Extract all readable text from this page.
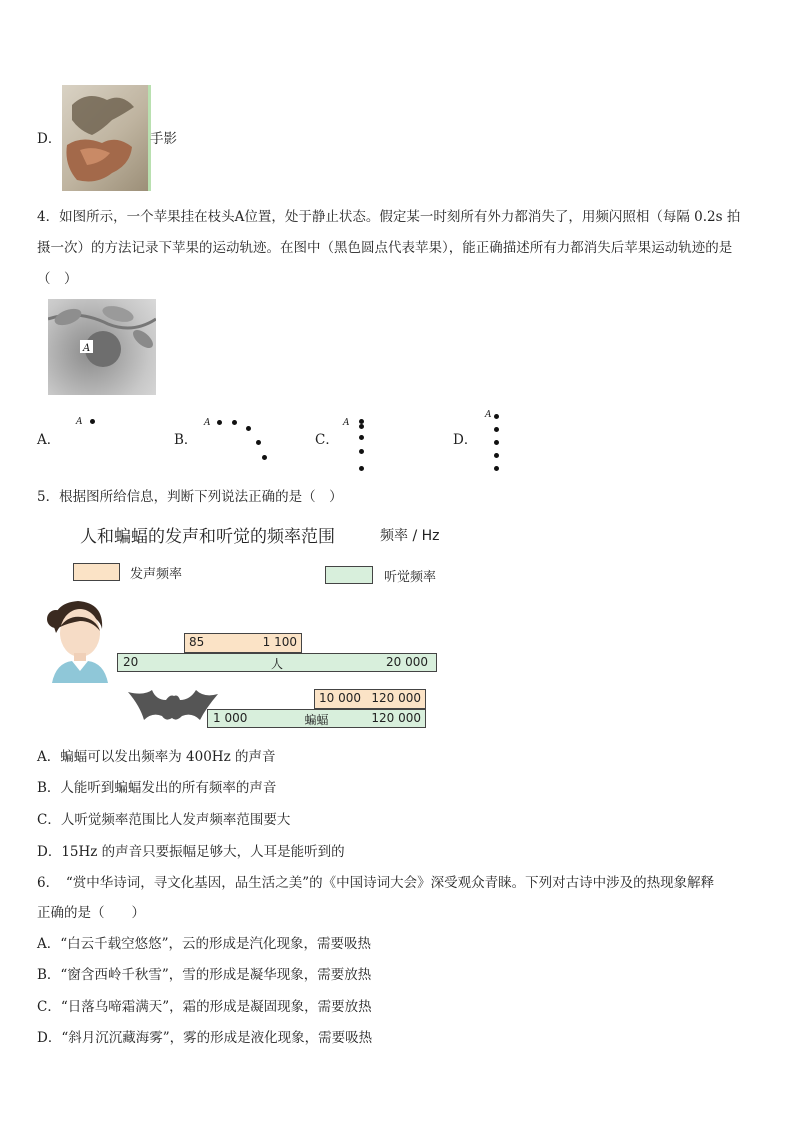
D．	手影
4．如图所示，一个苹果挂在枝头A位置，处于静止状态。假定某一时刻所有外力都消失了，用频闪照相（每隔 0.2s 拍
摄一次）的方法记录下苹果的运动轨迹。在图中（黑色圆点代表苹果），能正确描述所有力都消失后苹果运动轨迹的是
（　）
A
A．
A
B．
A
C．
A
D．
A
5．根据图所给信息，判断下列说法正确的是（　）
人和蝙蝠的发声和听觉的频率范围	频率 / Hz
发声频率	听觉频率
85	1 100
20	人	20 000
10 000 120 000
1 000	蝙蝠	120 000
A．蝙蝠可以发出频率为 400Hz 的声音
B．人能听到蝙蝠发出的所有频率的声音
C．人听觉频率范围比人发声频率范围要大
D．15Hz 的声音只要振幅足够大，人耳是能听到的
6．　“赏中华诗词，寻文化基因，品生活之美”的《中国诗词大会》深受观众青睐。下列对古诗中涉及的热现象解释
正确的是（　　）
A．“白云千载空悠悠”，云的形成是汽化现象，需要吸热
B．“窗含西岭千秋雪”，雪的形成是凝华现象，需要放热
C．“日落乌啼霜满天”，霜的形成是凝固现象，需要放热
D．“斜月沉沉藏海雾”，雾的形成是液化现象，需要吸热
